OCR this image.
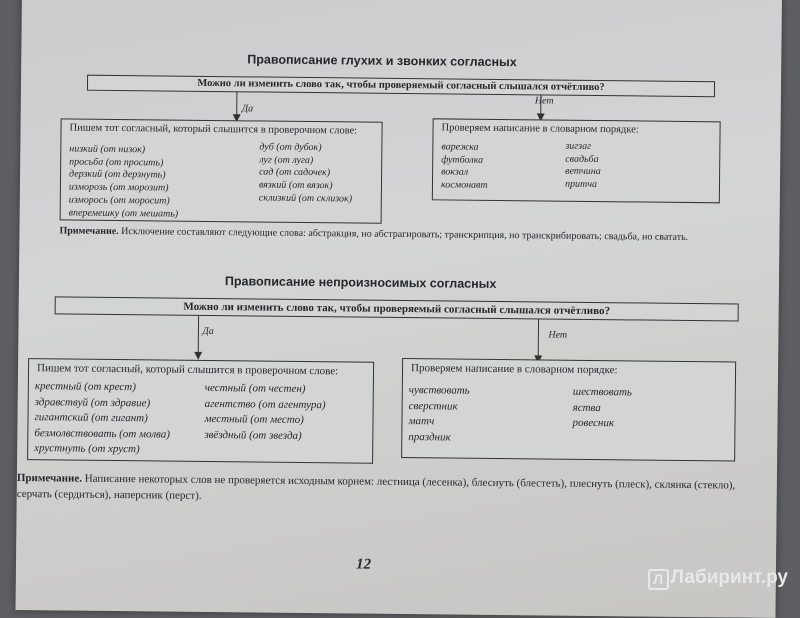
Правописание глухих и звонких согласных
Можно ли изменить слово так, чтобы проверяемый согласный слышался отчётливо?
Да
Нет
Пишем тот согласный, который слышится в проверочном слове:
низкий (от низок)
просьба (от просить)
дерзкий (от дерзнуть)
изморозь (от морозит)
изморось (от моросит)
вперемешку (от мешать)
дуб (от дубок)
луг (от луга)
сад (от садочек)
вязкий (от вязок)
склизкий (от склизок)
Проверяем написание в словарном порядке:
варежка
футболка
вокзал
космонавт
зигзаг
свадьба
ветчина
притча
Примечание. Исключение составляют следующие слова: абстракция, но абстрагировать; транскрипция, но транскрибировать; свадьба, но сватать.
Правописание непроизносимых согласных
Можно ли изменить слово так, чтобы проверяемый согласный слышался отчётливо?
Да	Нет
Пишем тот согласный, который слышится в проверочном слове:
крестный (от крест)
здравствуй (от здравие)
гигантский (от гигант)
безмолвствовать (от молва)
хрустнуть (от хруст)
честный (от честен)
агентство (от агентура)
местный (от место)
звёздный (от звезда)
Проверяем написание в словарном порядке:
чувствовать
сверстник
матч
праздник
шествовать
яства
ровесник
Примечание. Написание некоторых слов не проверяется исходным корнем: лестница (лесенка), блеснуть (блестеть), плеснуть (плеск), склянка (стекло), серчать (сердиться), наперсник (перст).
12
Л Лабиринт.ру
